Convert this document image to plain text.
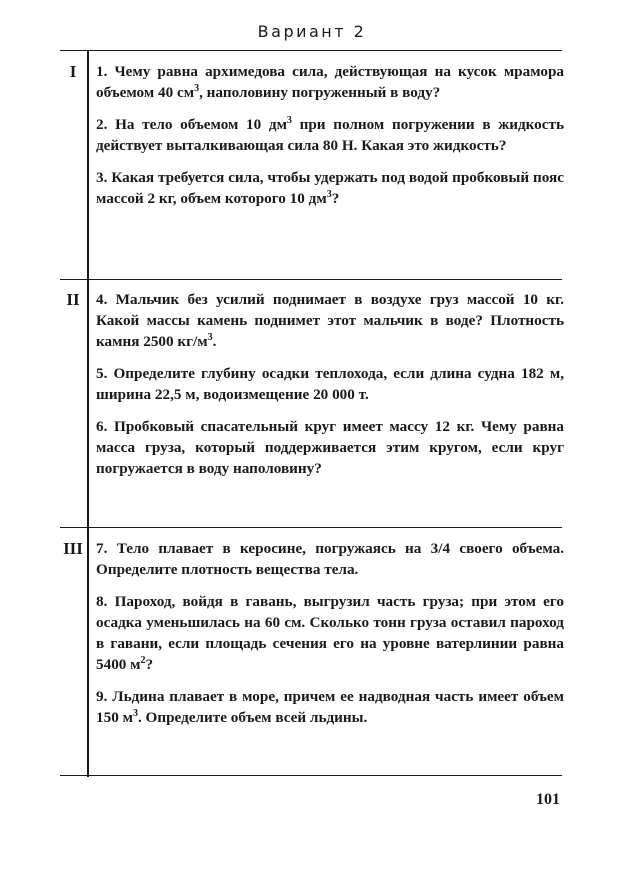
Вариант 2
I	1. Чему равна архимедова сила, действующая на кусок мраморa объемом 40 $см^3$, наполовину погруженный в воду?

2. На тело объемом 10 $дм^3$ при полном погружении в жидкость действует выталкивающая сила 80 Н. Какая это жидкость?

3. Какая требуется сила, чтобы удержать под водой пробковый пояс массой 2 кг, объем которого 10 $дм^3$?

II	4. Мальчик без усилий поднимает в воздухе груз массой 10 кг. Какой массы камень поднимет этот мальчик в воде? Плотность камня 2500 $кг/м^3$.

5. Определите глубину осадки теплохода, если длина судна 182 м, ширина 22,5 м, водоизмещение 20 000 т.

6. Пробковый спасательный круг имеет массу 12 кг. Чему равна масса груза, который поддерживается этим кругом, если круг погружается в воду наполовину?

III 7. Тело плавает в керосине, погружаясь на 3/4 своего объема. Определите плотность вещества тела.

8. Пароход, войдя в гавань, выгрузил часть груза; при этом его осадка уменьшилась на 60 см. Сколько тонн груза оставил пароход в гавани, если площадь сечения его на уровне ватерлинии равна 5400 $м^2$?

9. Льдина плавает в море, причем ее надводная часть имеет объем 150 $м^3$. Определите объем всей льдины.

101
